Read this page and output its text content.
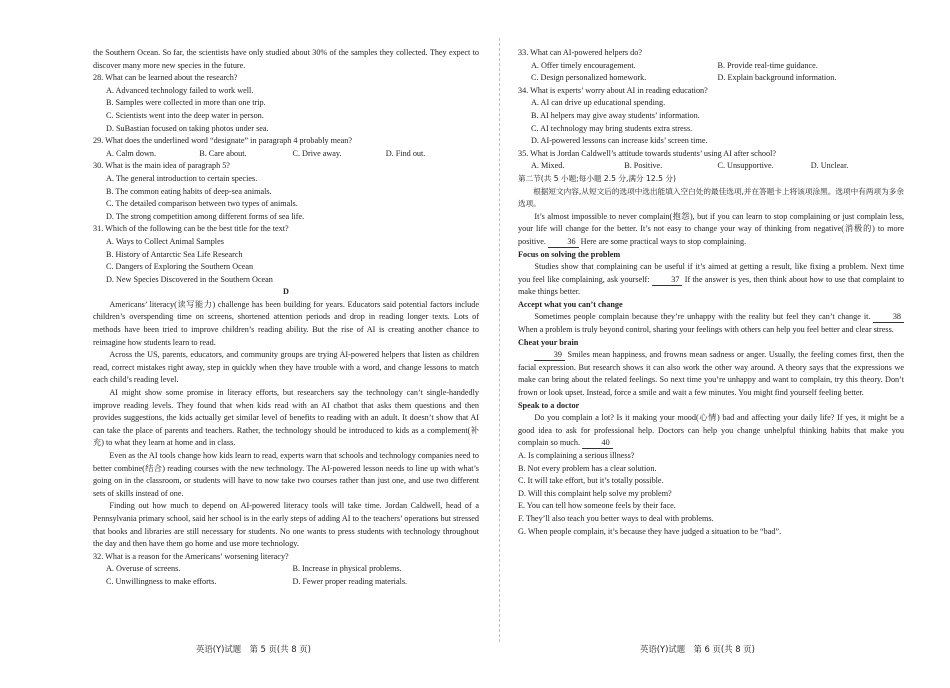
the Southern Ocean. So far, the scientists have only studied about 30% of the samples they collected. They expect to discover many more new species in the future.

28. What can be learned about the research?

A. Advanced technology failed to work well.

B. Samples were collected in more than one trip.

C. Scientists went into the deep water in person.

D. SuBastian focused on taking photos under sea.

29. What does the underlined word “designate” in paragraph 4 probably mean?

A. Calm down.	B. Care about.	C. Drive away.	D. Find out.

30. What is the main idea of paragraph 5?

A. The general introduction to certain species.

B. The common eating habits of deep-sea animals.

C. The detailed comparison between two types of animals.

D. The strong competition among different forms of sea life.

31. Which of the following can be the best title for the text?

A. Ways to Collect Animal Samples

B. History of Antarctic Sea Life Research

C. Dangers of Exploring the Southern Ocean

D. New Species Discovered in the Southern Ocean

D

Americans’ literacy(读写能力) challenge has been building for years. Educators said potential factors include children’s overspending time on screens, shortened attention periods and drop in reading longer texts. Lots of methods have been tried to improve children’s reading ability. But the rise of AI is creating another chance to reimagine how students learn to read.

Across the US, parents, educators, and community groups are trying AI-powered helpers that listen as children read, correct mistakes right away, step in quickly when they have trouble with a word, and change lessons to match each child’s reading level.

AI might show some promise in literacy efforts, but researchers say the technology can’t single-handedly improve reading levels. They found that when kids read with an AI chatbot that asks them questions and then provides suggestions, the kids actually get similar level of benefits to reading with an adult. It doesn’t show that AI can take the place of parents and teachers. Rather, the technology should be introduced to kids as a complement(补充) to what they learn at home and in class.

Even as the AI tools change how kids learn to read, experts warn that schools and technology companies need to better combine(结合) reading courses with the new technology. The AI-powered lesson needs to line up with what’s going on in the classroom, or students will have to now take two courses rather than just one, and use two different sets of skills instead of one.

Finding out how much to depend on AI-powered literacy tools will take time. Jordan Caldwell, head of a Pennsylvania primary school, said her school is in the early steps of adding AI to the teachers’ operations but stressed that books and libraries are still necessary for students. No one wants to press students with technology throughout the day and then have them go home and use more technology.

32. What is a reason for the Americans’ worsening literacy?

A. Overuse of screens.	B. Increase in physical problems.
C. Unwillingness to make efforts.	D. Fewer proper reading materials.

33. What can AI-powered helpers do?

A. Offer timely encouragement.	B. Provide real-time guidance.
C. Design personalized homework.	D. Explain background information.

34. What is experts’ worry about AI in reading education?

A. AI can drive up educational spending.

B. AI helpers may give away students’ information.

C. AI technology may bring students extra stress.

D. AI-powered lessons can increase kids’ screen time.

35. What is Jordan Caldwell’s attitude towards students’ using AI after school?

A. Mixed.	B. Positive.	C. Unsupportive.	D. Unclear.

第二节(共 5 小题;每小题 2.5 分,满分 12.5 分)

根据短文内容,从短文后的选项中选出能填入空白处的最佳选项,并在答题卡上将该项涂黑。选项中有两项为多余选项。

It’s almost impossible to never complain(抱怨), but if you can learn to stop complaining or just complain less, your life will change for the better. It’s not easy to change your way of thinking from negative(消极的) to more positive.	36 Here are some practical ways to stop complaining.

Focus on solving the problem

Studies show that complaining can be useful if it’s aimed at getting a result, like fixing a problem. Next time you feel like complaining, ask yourself:	37 If the answer is yes, then think about how to use that complaint to make things better.

Accept what you can’t change

Sometimes people complain because they’re unhappy with the reality but feel they can’t change it.	38 When a problem is truly beyond control, sharing your feelings with others can help you feel better and clear stress.

Cheat your brain

39 Smiles mean happiness, and frowns mean sadness or anger. Usually, the feeling comes first, then the facial expression. But research shows it can also work the other way around. A theory says that the expressions we make can bring about the related feelings. So next time you’re unhappy and want to complain, try this theory. Don’t frown or look upset. Instead, force a smile and wait a few minutes. You might find yourself feeling better.

Speak to a doctor

Do you complain a lot? Is it making your mood(心情) bad and affecting your daily life? If yes, it might be a good idea to ask for professional help. Doctors can help you change unhelpful thinking habits that make you complain so much.	40

A. Is complaining a serious illness?

B. Not every problem has a clear solution.

C. It will take effort, but it’s totally possible.

D. Will this complaint help solve my problem?

E. You can tell how someone feels by their face.

F. They’ll also teach you better ways to deal with problems.

G. When people complain, it’s because they have judged a situation to be “bad”.

英语(Y)试题　第 5 页(共 8 页)	英语(Y)试题　第 6 页(共 8 页)
